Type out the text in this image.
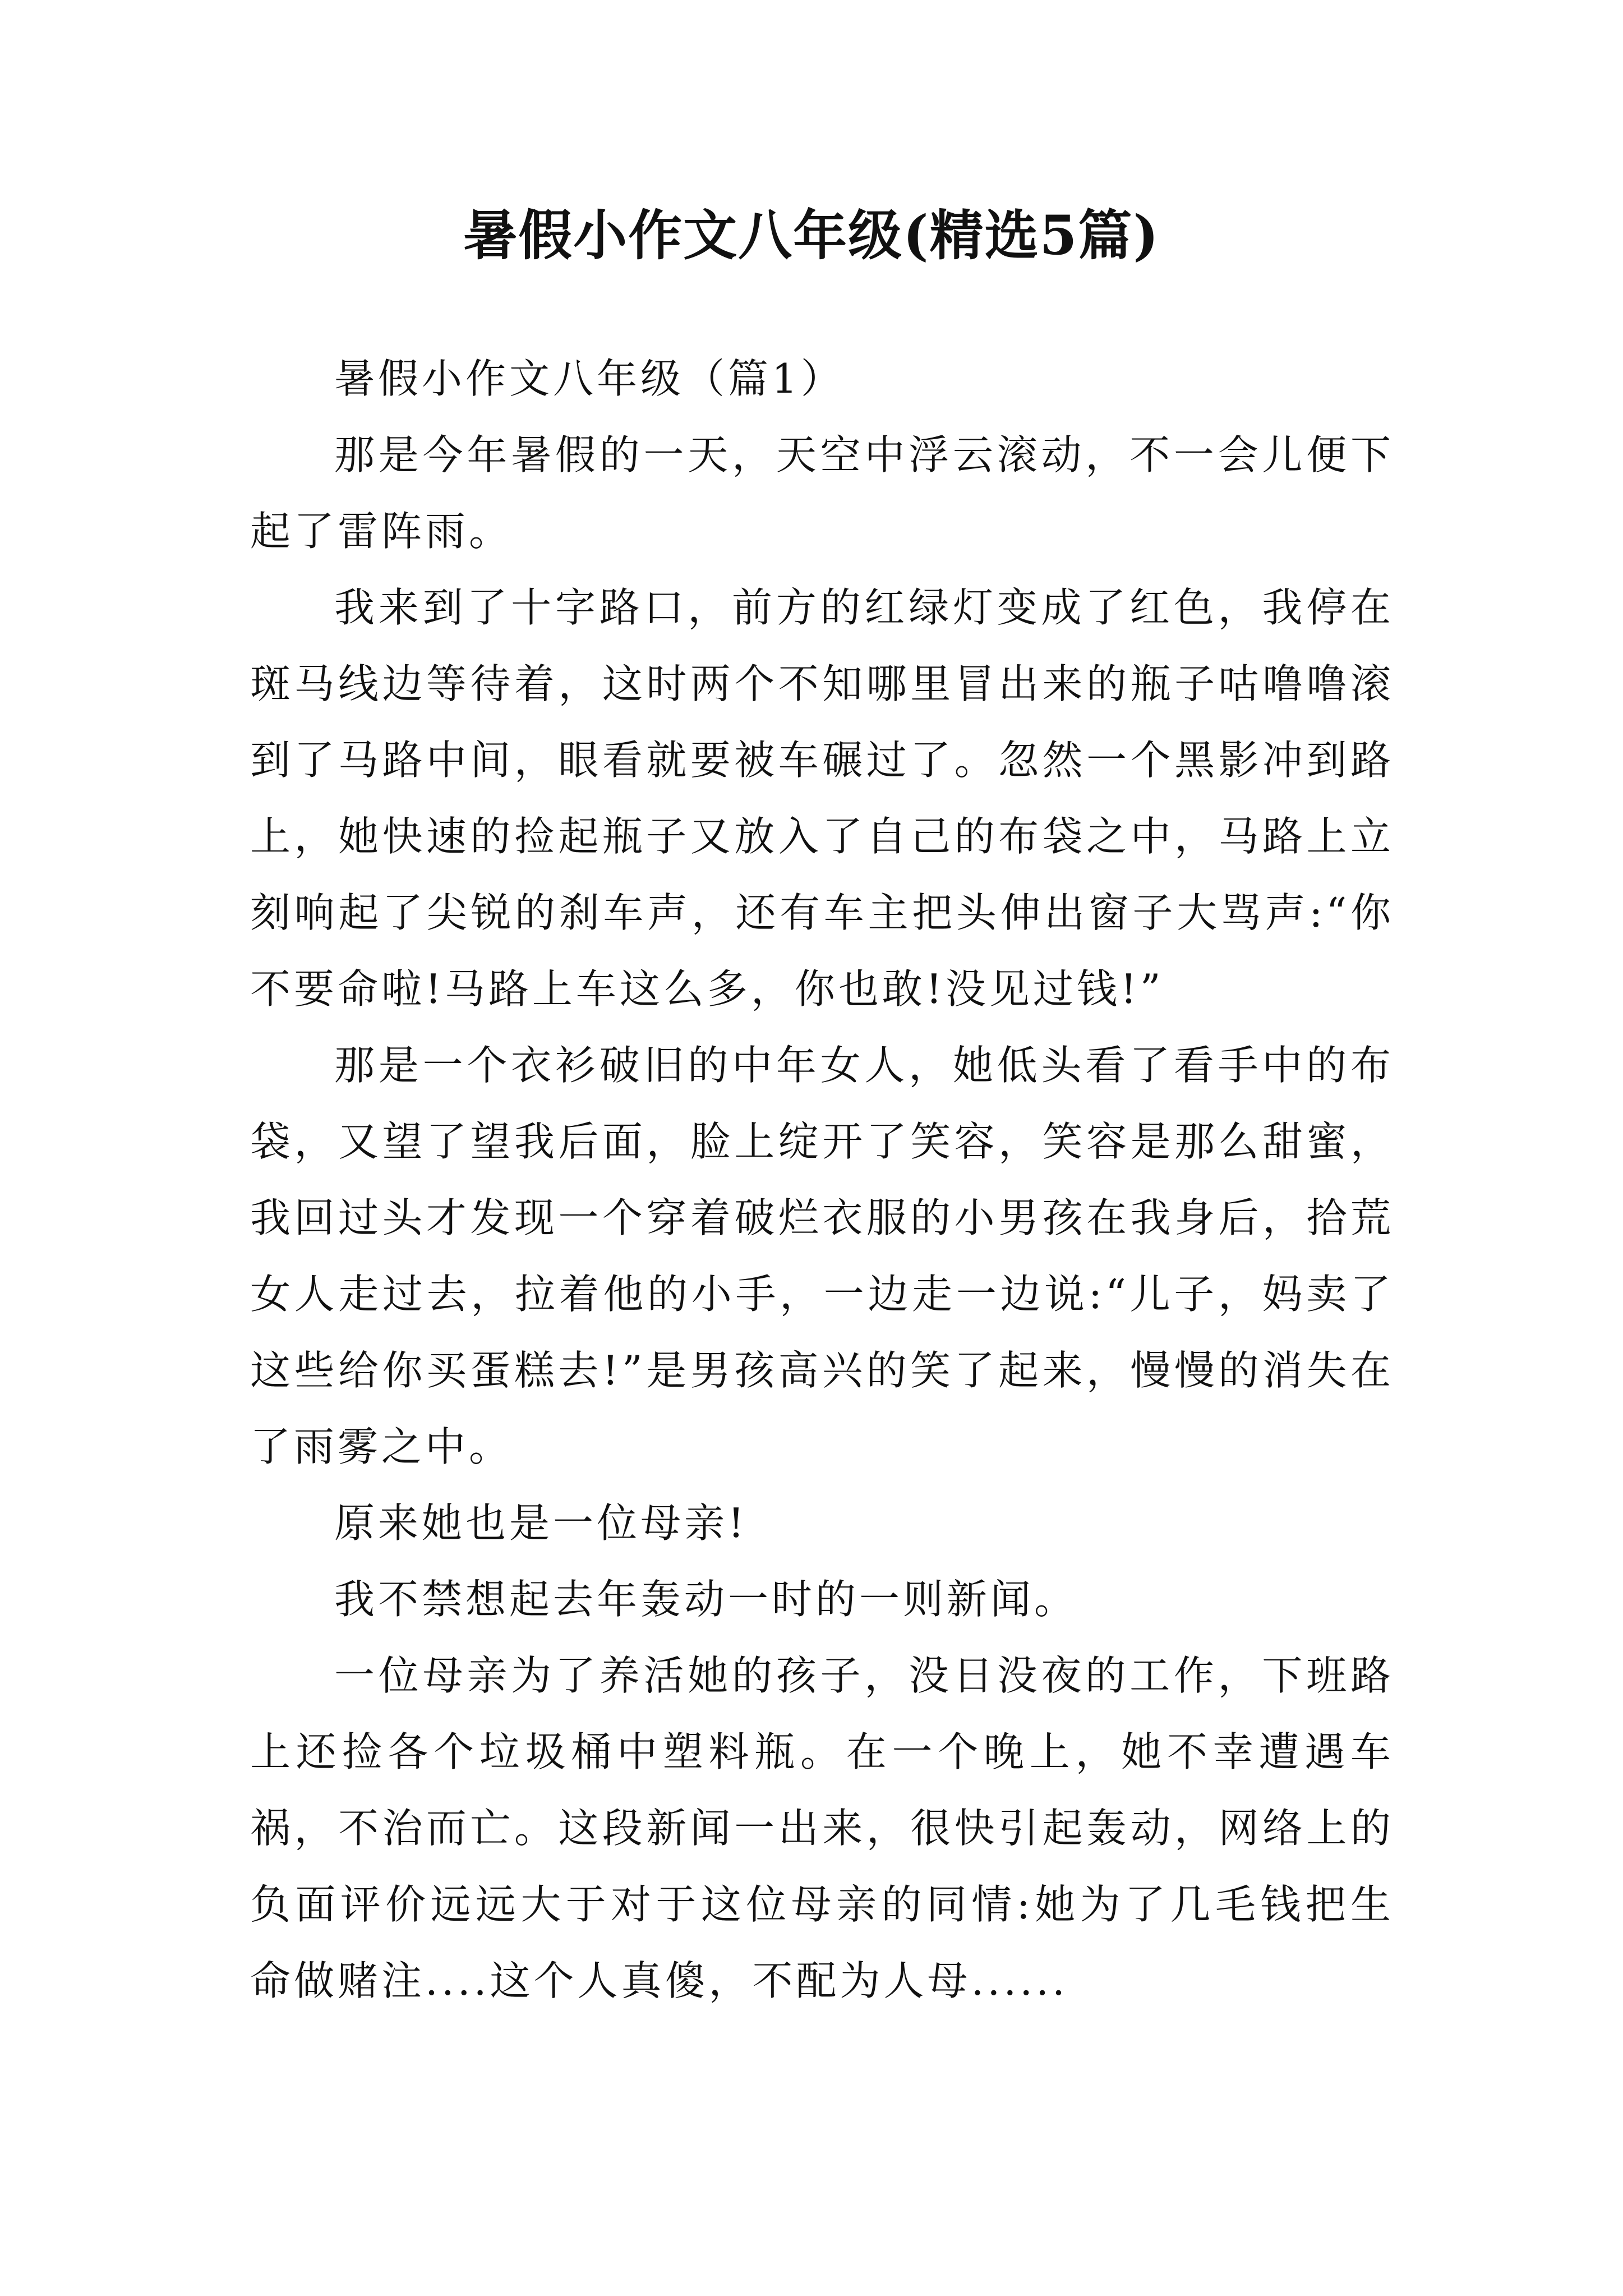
暑假小作文八年级(精选5篇)

暑假小作文八年级（篇1）

那是今年暑假的一天，天空中浮云滚动，不一会儿便下起了雷阵雨。

我来到了十字路口，前方的红绿灯变成了红色，我停在斑马线边等待着，这时两个不知哪里冒出来的瓶子咕噜噜滚到了马路中间，眼看就要被车碾过了。忽然一个黑影冲到路上，她快速的捡起瓶子又放入了自己的布袋之中，马路上立刻响起了尖锐的刹车声，还有车主把头伸出窗子大骂声:“你不要命啦!马路上车这么多，你也敢!没见过钱!”

那是一个衣衫破旧的中年女人，她低头看了看手中的布袋，又望了望我后面，脸上绽开了笑容，笑容是那么甜蜜，我回过头才发现一个穿着破烂衣服的小男孩在我身后，拾荒女人走过去，拉着他的小手，一边走一边说:“儿子，妈卖了这些给你买蛋糕去!”是男孩高兴的笑了起来，慢慢的消失在了雨雾之中。

原来她也是一位母亲!

我不禁想起去年轰动一时的一则新闻。

一位母亲为了养活她的孩子，没日没夜的工作，下班路上还捡各个垃圾桶中塑料瓶。在一个晚上，她不幸遭遇车祸，不治而亡。这段新闻一出来，很快引起轰动，网络上的负面评价远远大于对于这位母亲的同情:她为了几毛钱把生命做赌注....这个人真傻，不配为人母......
